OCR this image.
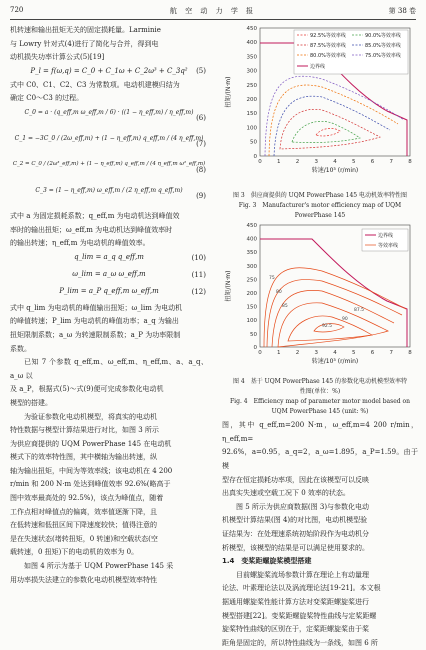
720	航 空 动 力 学 报	第 38 卷

机转速和输出扭矩无关的固定损耗量。Larminie

与 Lowry 针对式(4)进行了简化与合并，得到电

动机损失功率计算公式(5)[19]

P_l = f(ω,q) = C_0 + C_1ω + C_2ω³ + C_3q² (5)

式中 C0、C1、C2、C3 为常数项。电动机建模归结为

确定 C0～C3 的过程。

C_0 = a · (q_eff,m ω_eff,m / 6) · ((1 − η_eff,m) / η_eff,m)
(6)
C_1 = −3C_0 / (2ω_eff,m) + (1 − η_eff,m) q_eff,m / (4 η_eff,m)
(7)
C_2 = C_0 / (2ω³_eff,m) + (1 − η_eff,m) q_eff,m / (4 η_eff,m ω²_eff,m)
(8)
C_3 = (1 − η_eff,m) ω_eff,m / (2 η_eff,m q_eff,m)
(9)

式中 a 为固定损耗系数；q_eff,m 为电动机达到峰值效

率时的输出扭矩；ω_eff,m 为电动机达到峰值效率时

的输出转速；η_eff,m 为电动机的峰值效率。

q_lim = a_q q_eff,m	(10)
ω_lim = a_ω ω_eff,m	(11)
P_lim = a_P q_eff,m ω_eff,m	(12)

式中 q_lim 为电动机的峰值输出扭矩；ω_lim 为电动机

的峰值转速；P_lim 为电动机的峰值功率；a_q 为输出

扭矩限制系数；a_ω 为转速限制系数；a_P 为功率限制

系数。

已知 7 个参数 q_eff,m、ω_eff,m、η_eff,m、a、a_q、a_ω 以

及 a_P，根据式(5)～式(9)便可完成参数化电动机

模型的搭建。

为验证参数化电动机模型，将真实的电动机

特性数据与模型计算结果进行对比，如图 3 所示

为供应商提供的 UQM PowerPhase 145 在电动机

模式下的效率特性图，其中横轴为输出转速，纵

轴为输出扭矩，中间为等效率线；该电动机在 4 200

r/min 和 200 N·m 处达到峰值效率 92.6%(略高于

图中效率最高处的 92.5%)，该点为峰值点，随着

工作点相对峰值点的偏离，效率值逐渐下降，且

在低转速和低扭区间下降速度较快；值得注意的

是在失速状态(堵转扭矩，0 转速)和空载状态(空

载转速，0 扭矩)下的电动机的效率为 0。

如图 4 所示为基于 UQM PowerPhase 145 采

用功率损失法建立的参数化电动机模型效率特性

450
400
350
300
250
200
150
100
50
0
0	1	2	3	4	5	6	7	8
转速/10³ (r/min)
扭矩/(N·m)
92.5%等效率线	90.0%等效率线
87.5%等效率线	85.0%等效率线
80.0%等效率线	75.0%等效率线
边界线

图 3　供应商提供的 UQM PowerPhase 145 电动机效率特性图

Fig. 3　Manufacturer's motor efficiency map of UQM

PowerPhase 145

450
400
350
300
250
200
150
100
50
0
0	1	2	3	4	5	6	7	8
转速/10³ (r/min)
扭矩/(N·m)
92.5
90
87.5
85
80
75
边界线
等效率线

图 4　基于 UQM PowerPhase 145 的参数化电动机模型效率特

性图(单位：%)

Fig. 4　Efficiency map of parameter motor model based on

UQM PowerPhase 145 (unit: %)

图，其中 q_eff,m=200 N·m，ω_eff,m=4 200 r/min，η_eff,m=

92.6%，a=0.95，a_q=2，a_ω=1.895，a_P=1.59。由于模

型存在恒定损耗功率项，因此在该模型可以反映

出真实失速或空载工况下 0 效率的状态。

图 5 所示为供应商数据(图 3)与参数化电动

机模型计算结果(图 4)的对比图，电动机模型验

证结果为：在处理速系统初始阶段作为电动机分

析模型，该模型的结果是可以满足使用要求的。

1.4　变桨距螺旋桨模型搭建

目前螺旋桨流场参数计算在理论上有动量理

论法、叶素理论法以及涡流理论法[19-21]。本文根

据通用螺旋桨性能计算方法对变桨距螺旋桨进行

模型搭建[22]。变桨距螺旋桨特性曲线与定桨距螺

旋桨特性曲线的区别在于，定桨距螺旋桨由于桨

距角是固定的，所以特性曲线为一条线，如图 6 所
